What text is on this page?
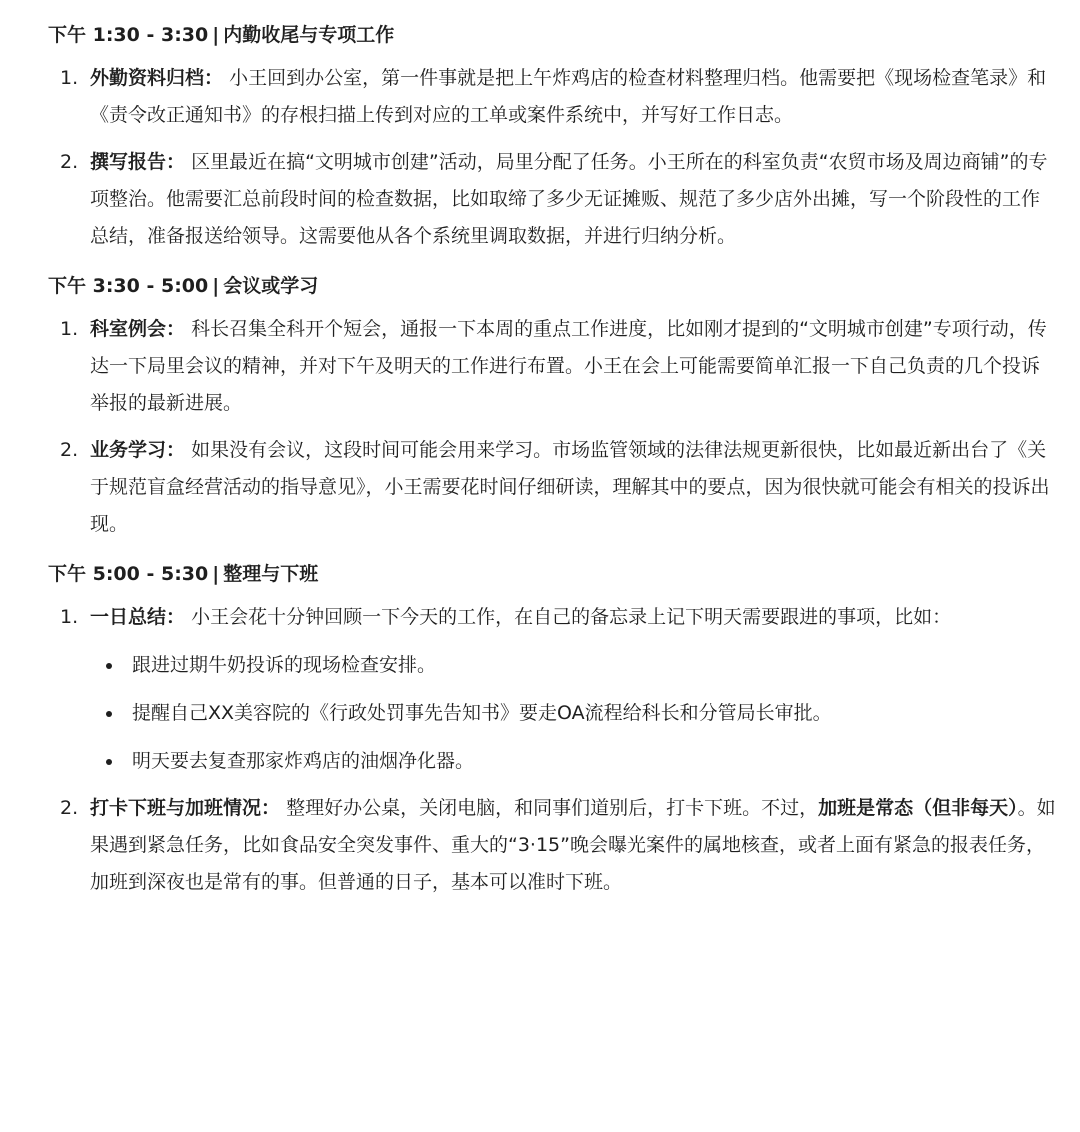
下午 1:30 - 3:30 | 内勤收尾与专项工作
1. 外勤资料归档： 小王回到办公室，第一件事就是把上午炸鸡店的检查材料整理归档。他需要把《现场检查笔录》和《责令改正通知书》的存根扫描上传到对应的工单或案件系统中，并写好工作日志。
2. 撰写报告： 区里最近在搞“文明城市创建”活动，局里分配了任务。小王所在的科室负责“农贸市场及周边商铺”的专项整治。他需要汇总前段时间的检查数据，比如取缔了多少无证摊贩、规范了多少店外出摊，写一个阶段性的工作总结，准备报送给领导。这需要他从各个系统里调取数据，并进行归纳分析。
下午 3:30 - 5:00 | 会议或学习
1. 科室例会： 科长召集全科开个短会，通报一下本周的重点工作进度，比如刚才提到的“文明城市创建”专项行动，传达一下局里会议的精神，并对下午及明天的工作进行布置。小王在会上可能需要简单汇报一下自己负责的几个投诉举报的最新进展。
2. 业务学习： 如果没有会议，这段时间可能会用来学习。市场监管领域的法律法规更新很快，比如最近新出台了《关于规范盲盒经营活动的指导意见》，小王需要花时间仔细研读，理解其中的要点，因为很快就可能会有相关的投诉出现。
下午 5:00 - 5:30 | 整理与下班
1. 一日总结： 小王会花十分钟回顾一下今天的工作，在自己的备忘录上记下明天需要跟进的事项，比如：
跟进过期牛奶投诉的现场检查安排。
提醒自己XX美容院的《行政处罚事先告知书》要走OA流程给科长和分管局长审批。
明天要去复查那家炸鸡店的油烟净化器。
2. 打卡下班与加班情况： 整理好办公桌，关闭电脑，和同事们道别后，打卡下班。不过，加班是常态（但非每天）。如果遇到紧急任务，比如食品安全突发事件、重大的“3·15”晚会曝光案件的属地核查，或者上面有紧急的报表任务，加班到深夜也是常有的事。但普通的日子，基本可以准时下班。
